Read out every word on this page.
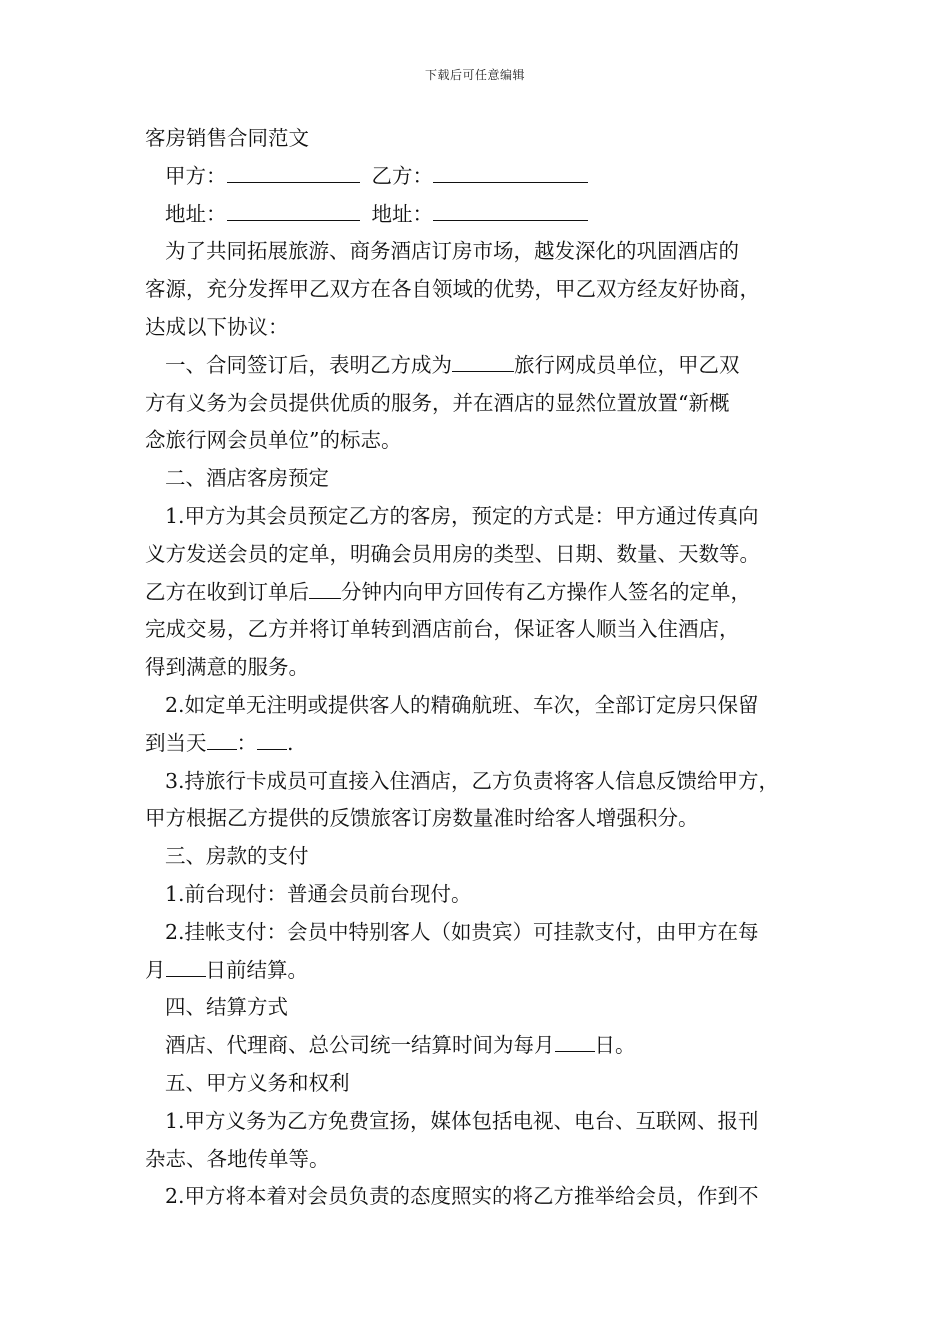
下载后可任意编辑
客房销售合同范文
甲方：	乙方：
地址：	地址：
为了共同拓展旅游、商务酒店订房市场，越发深化的巩固酒店的
客源，充分发挥甲乙双方在各自领域的优势，甲乙双方经友好协商，
达成以下协议：
一、合同签订后，表明乙方成为	旅行网成员单位，甲乙双
方有义务为会员提供优质的服务，并在酒店的显然位置放置“新概
念旅行网会员单位”的标志。
二、酒店客房预定
1.甲方为其会员预定乙方的客房，预定的方式是：甲方通过传真向
义方发送会员的定单，明确会员用房的类型、日期、数量、天数等。
乙方在收到订单后 分钟内向甲方回传有乙方操作人签名的定单，
完成交易，乙方并将订单转到酒店前台，保证客人顺当入住酒店，
得到满意的服务。
2.如定单无注明或提供客人的精确航班、车次，全部订定房只保留
到当天 ： .
3.持旅行卡成员可直接入住酒店，乙方负责将客人信息反馈给甲方，
甲方根据乙方提供的反馈旅客订房数量准时给客人增强积分。
三、房款的支付
1.前台现付：普通会员前台现付。
2.挂帐支付：会员中特别客人（如贵宾）可挂款支付，由甲方在每
月 日前结算。
四、结算方式
酒店、代理商、总公司统一结算时间为每月 日。
五、甲方义务和权利
1.甲方义务为乙方免费宣扬，媒体包括电视、电台、互联网、报刊
杂志、各地传单等。
2.甲方将本着对会员负责的态度照实的将乙方推举给会员，作到不
